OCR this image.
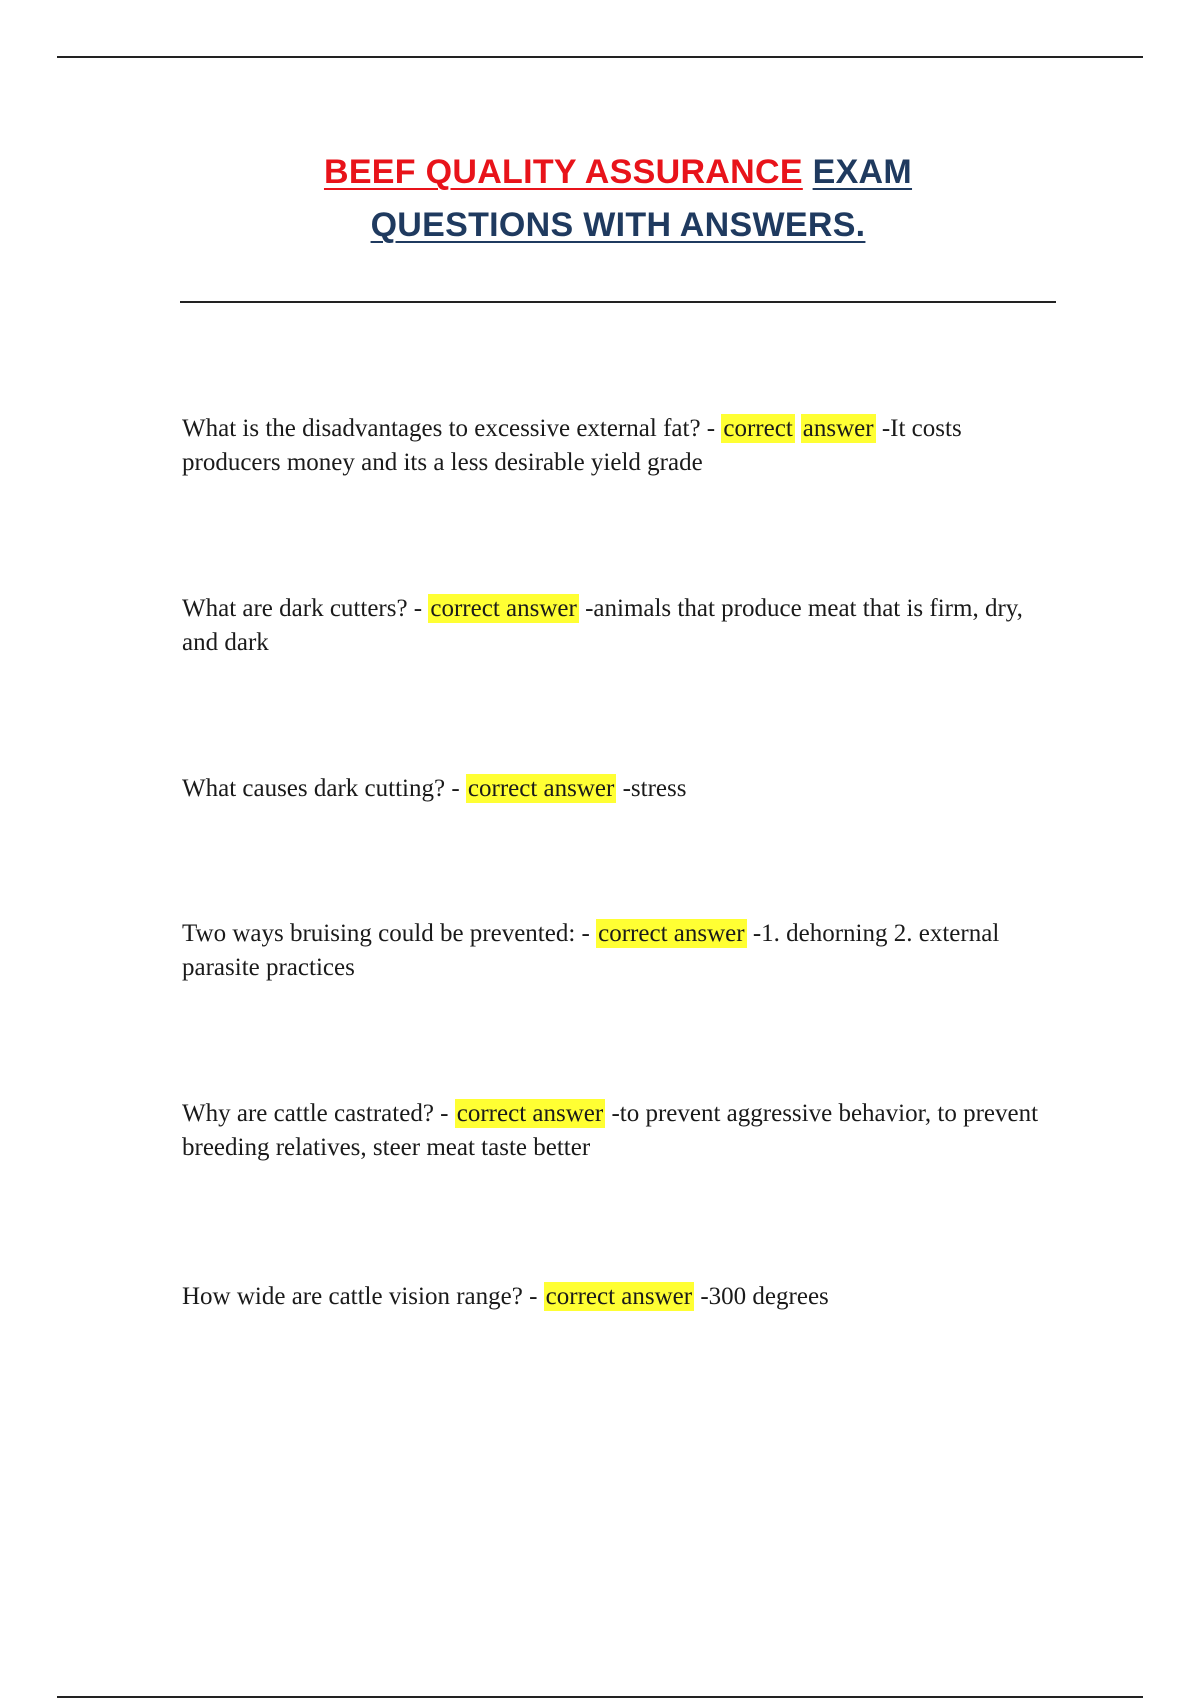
BEEF QUALITY ASSURANCE EXAM
QUESTIONS WITH ANSWERS.
What is the disadvantages to excessive external fat? - correct answer -It costs producers money and its a less desirable yield grade
What are dark cutters? - correct answer -animals that produce meat that is firm, dry, and dark
What causes dark cutting? - correct answer -stress
Two ways bruising could be prevented: - correct answer -1. dehorning 2. external parasite practices
Why are cattle castrated? - correct answer -to prevent aggressive behavior, to prevent breeding relatives, steer meat taste better
How wide are cattle vision range? - correct answer -300 degrees
